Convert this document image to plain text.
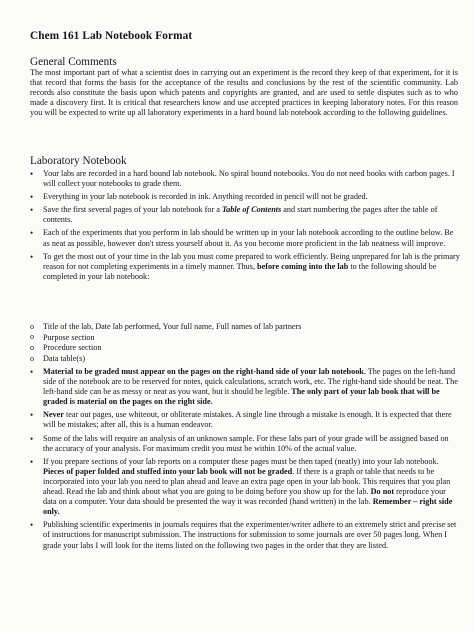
Chem 161 Lab Notebook Format
General Comments
The most important part of what a scientist does in carrying out an experiment is the record they keep of that experiment, for it is that record that forms the basis for the acceptance of the results and conclusions by the rest of the scientific community. Lab records also constitute the basis upon which patents and copyrights are granted, and are used to settle disputes such as to who made a discovery first. It is critical that researchers know and use accepted practices in keeping laboratory notes. For this reason you will be expected to write up all laboratory experiments in a hard bound lab notebook according to the following guidelines.
Laboratory Notebook
• Your labs are recorded in a hard bound lab notebook. No spiral bound notebooks. You do not need books with carbon pages. I will collect your notebooks to grade them.
• Everything in your lab notebook is recorded in ink. Anything recorded in pencil will not be graded.
• Save the first several pages of your lab notebook for a Table of Contents and start numbering the pages after the table of contents.
• Each of the experiments that you perform in lab should be written up in your lab notebook according to the outline below. Be as neat as possible, however don't stress yourself about it. As you become more proficient in the lab neatness will improve.
• To get the most out of your time in the lab you must come prepared to work efficiently. Being unprepared for lab is the primary reason for not completing experiments in a timely manner. Thus, before coming into the lab to the following should be completed in your lab notebook:
o Title of the lab, Date lab performed, Your full name, Full names of lab partners
o Purpose section
o Procedure section
o Data table(s)
• Material to be graded must appear on the pages on the right-hand side of your lab notebook. The pages on the left-hand side of the notebook are to be reserved for notes, quick calculations, scratch work, etc. The right-hand side should be neat. The left-hand side can be as messy or neat as you want, but it should be legible. The only part of your lab book that will be graded is material on the pages on the right side.
• Never tear out pages, use whiteout, or obliterate mistakes. A single line through a mistake is enough. It is expected that there will be mistakes; after all, this is a human endeavor.
• Some of the labs will require an analysis of an unknown sample. For these labs part of your grade will be assigned based on the accuracy of your analysis. For maximum credit you must be within 10% of the actual value.
• If you prepare sections of your lab reports on a computer these pages must be then taped (neatly) into your lab notebook. Pieces of paper folded and stuffed into your lab book will not be graded. If there is a graph or table that needs to be incorporated into your lab you need to plan ahead and leave an extra page open in your lab book. This requires that you plan ahead. Read the lab and think about what you are going to be doing before you show up for the lab. Do not reproduce your data on a computer. Your data should be presented the way it was recorded (hand written) in the lab. Remember – right side only.
• Publishing scientific experiments in journals requires that the experimenter/writer adhere to an extremely strict and precise set of instructions for manuscript submission. The instructions for submission to some journals are over 50 pages long. When I grade your labs I will look for the items listed on the following two pages in the order that they are listed.
